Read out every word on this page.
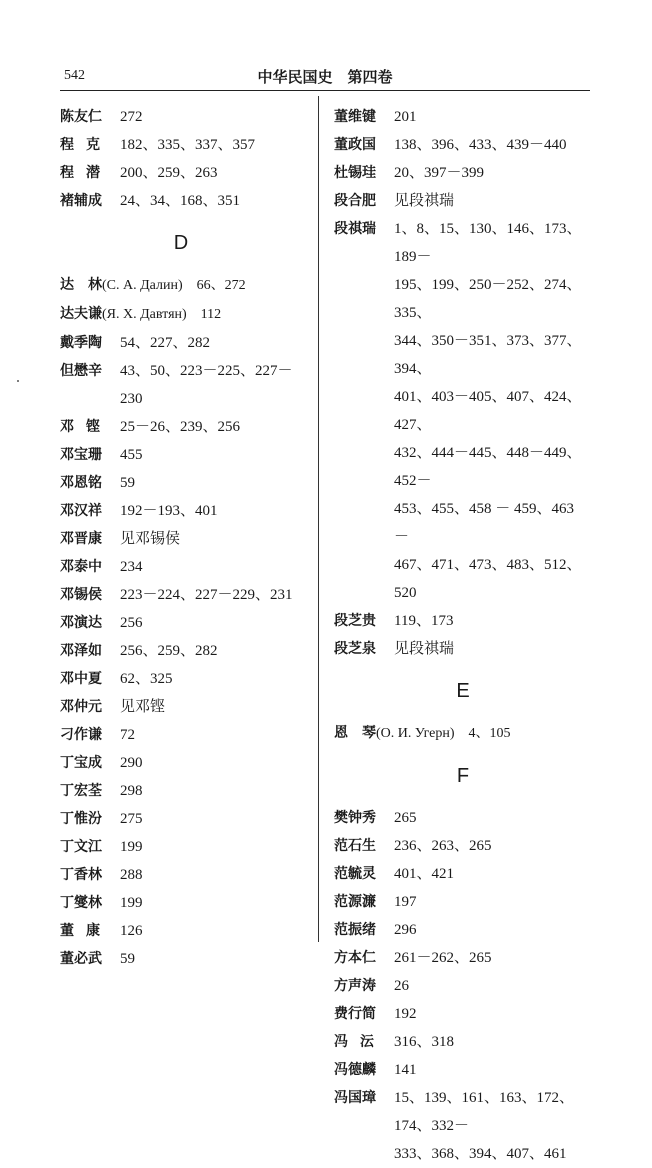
542	中华民国史　第四卷
陈友仁	272
程克 182、335、337、357
程潜 200、259、263
褚辅成	24、34、168、351
D
达　林(С. А. Далин)　66、272
达夫谦(Я. Х. Давтян)　112
戴季陶	54、227、282
但懋辛	43、50、223－225、227－230
邓铿 25－26、239、256
邓宝珊	455
邓恩铭	59
邓汉祥	192－193、401
邓晋康	见邓锡侯
邓泰中	234
邓锡侯	223－224、227－229、231
邓演达	256
邓泽如	256、259、282
邓中夏	62、325
邓仲元	见邓铿
刁作谦	72
丁宝成	290
丁宏荃	298
丁惟汾	275
丁文江	199
丁香林	288
丁燮林	199
董康 126
董必武	59
董维键	201
董政国	138、396、433、439－440
杜锡珪	20、397－399
段合肥	见段祺瑞
段祺瑞	1、8、15、130、146、173、189－
195、199、250－252、274、335、
344、350－351、373、377、394、
401、403－405、407、424、427、
432、444－445、448－449、452－
453、455、458 － 459、463 －
467、471、473、483、512、520
段芝贵	119、173
段芝泉	见段祺瑞
E
恩　琴(О. И. Угерн)　4、105
F
樊钟秀	265
范石生	236、263、265
范毓灵	401、421
范源濂	197
范振绪	296
方本仁	261－262、265
方声涛	26
费行简	192
冯沄 316、318
冯德麟	141
冯国璋	15、139、161、163、172、174、332－
333、368、394、407、461
